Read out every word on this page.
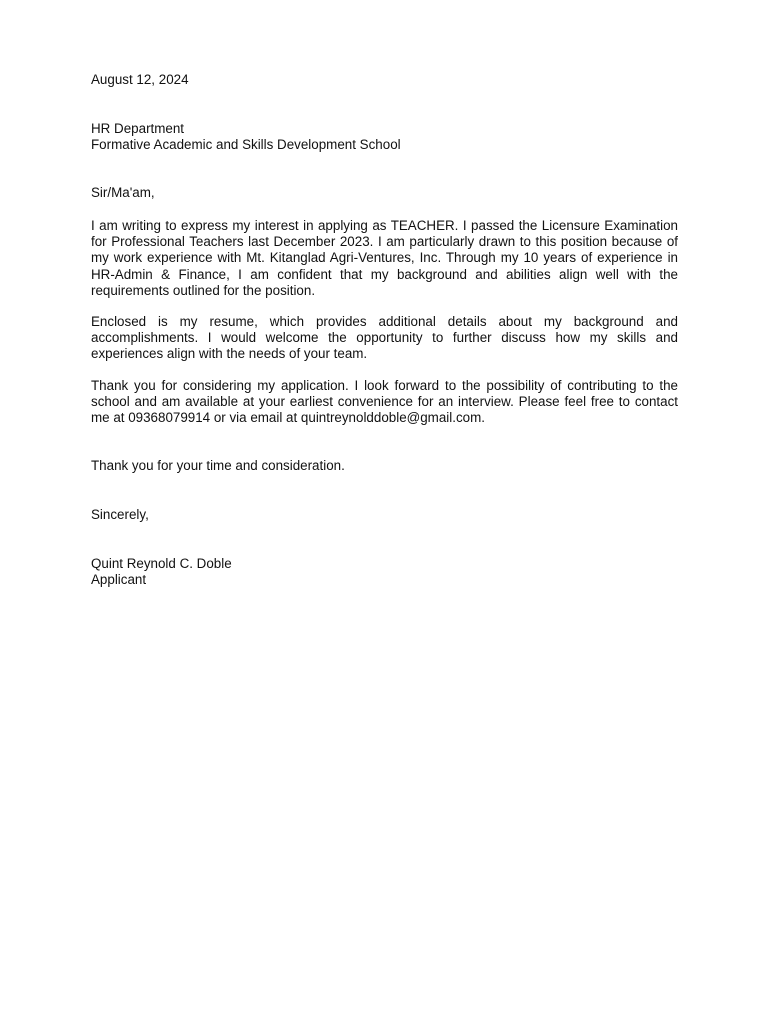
August 12, 2024

HR Department
Formative Academic and Skills Development School

Sir/Ma'am,

I am writing to express my interest in applying as TEACHER. I passed the Licensure Examination for Professional Teachers last December 2023. I am particularly drawn to this position because of my work experience with Mt. Kitanglad Agri-Ventures, Inc. Through my 10 years of experience in HR-Admin & Finance, I am confident that my background and abilities align well with the requirements outlined for the position.

Enclosed is my resume, which provides additional details about my background and accomplishments. I would welcome the opportunity to further discuss how my skills and experiences align with the needs of your team.

Thank you for considering my application. I look forward to the possibility of contributing to the school and am available at your earliest convenience for an interview. Please feel free to contact me at 09368079914 or via email at quintreynolddoble@gmail.com.

Thank you for your time and consideration.

Sincerely,

Quint Reynold C. Doble
Applicant
